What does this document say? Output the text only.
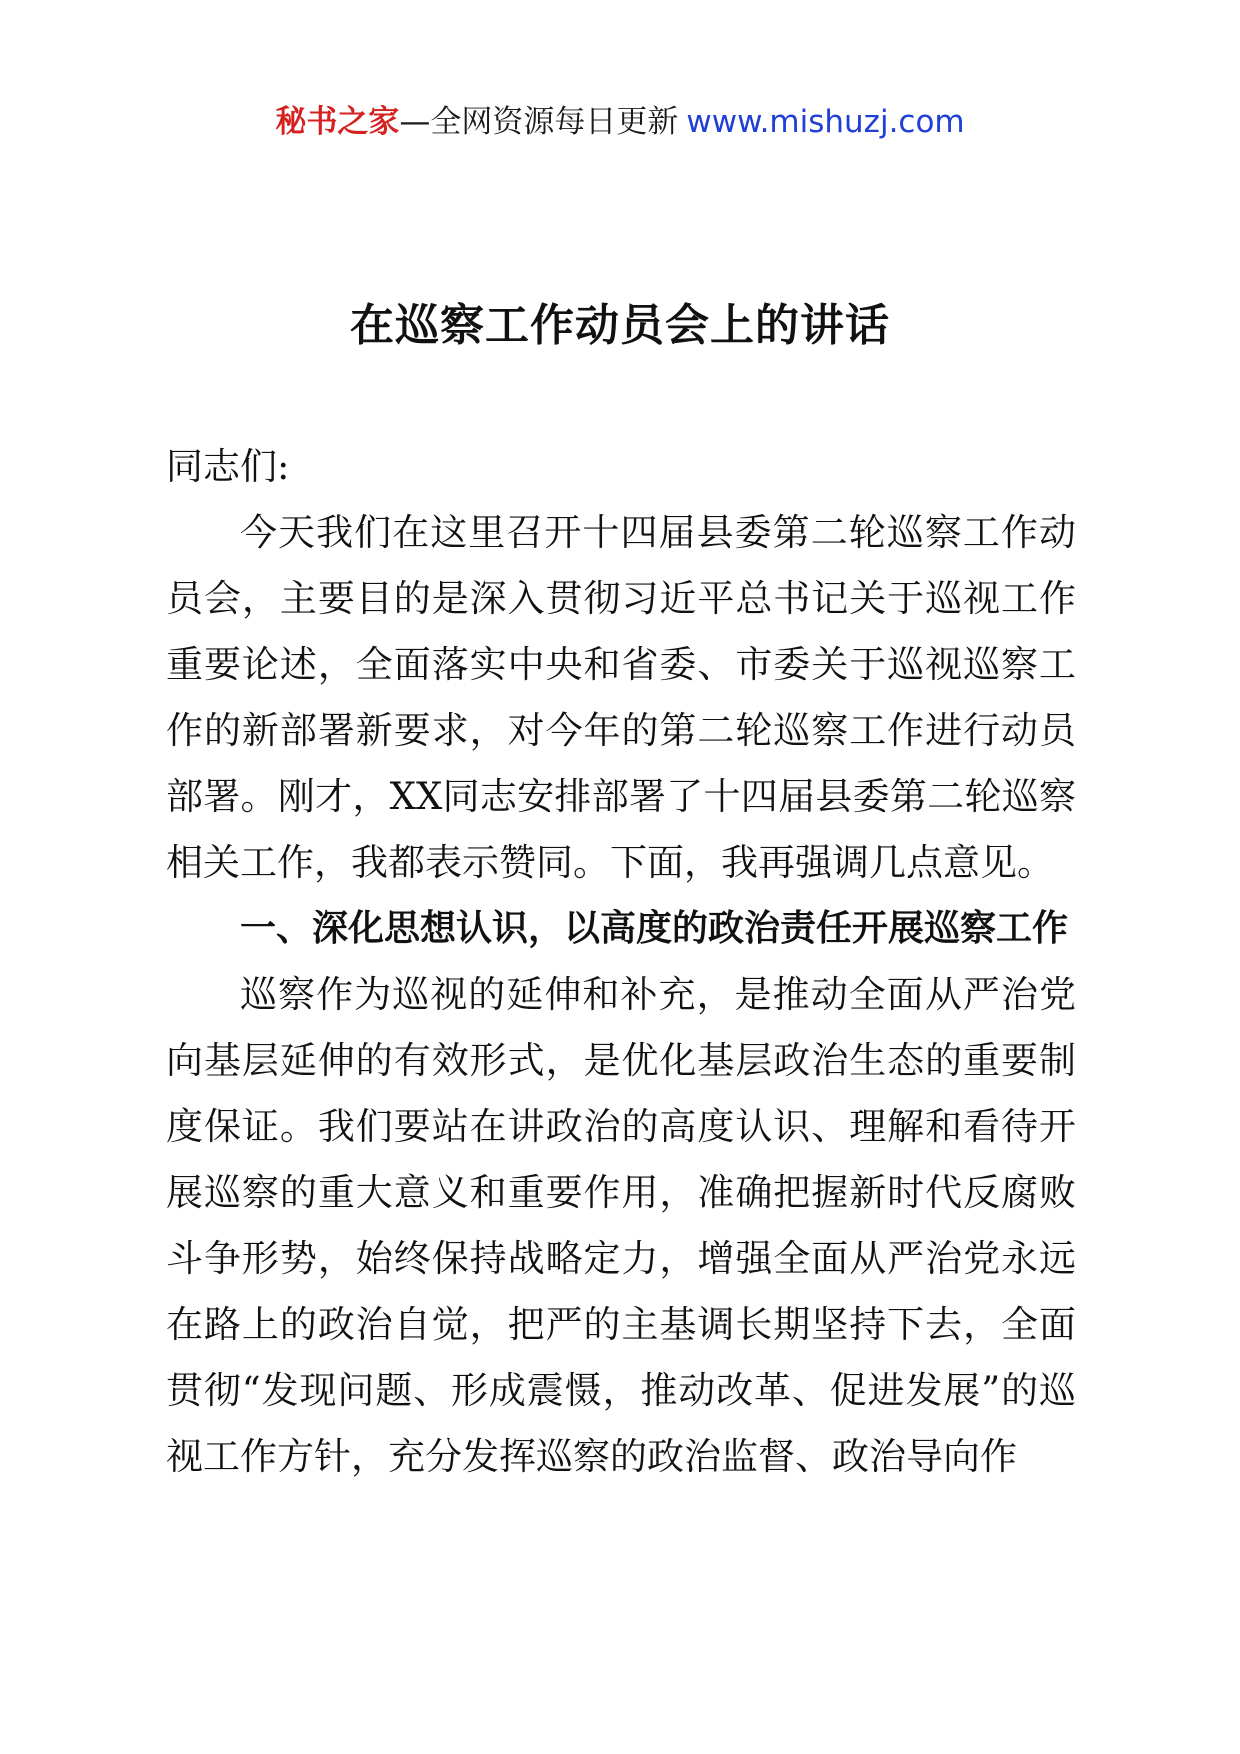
秘书之家—全网资源每日更新 www.mishuzj.com
在巡察工作动员会上的讲话

同志们:

今天我们在这里召开十四届县委第二轮巡察工作动员会，主要目的是深入贯彻习近平总书记关于巡视工作重要论述，全面落实中央和省委、市委关于巡视巡察工作的新部署新要求，对今年的第二轮巡察工作进行动员部署。刚才，XX同志安排部署了十四届县委第二轮巡察相关工作，我都表示赞同。下面，我再强调几点意见。

一、深化思想认识，以高度的政治责任开展巡察工作

巡察作为巡视的延伸和补充，是推动全面从严治党向基层延伸的有效形式，是优化基层政治生态的重要制度保证。我们要站在讲政治的高度认识、理解和看待开展巡察的重大意义和重要作用，准确把握新时代反腐败斗争形势，始终保持战略定力，增强全面从严治党永远在路上的政治自觉，把严的主基调长期坚持下去，全面贯彻“发现问题、形成震慑，推动改革、促进发展”的巡视工作方针，充分发挥巡察的政治监督、政治导向作
